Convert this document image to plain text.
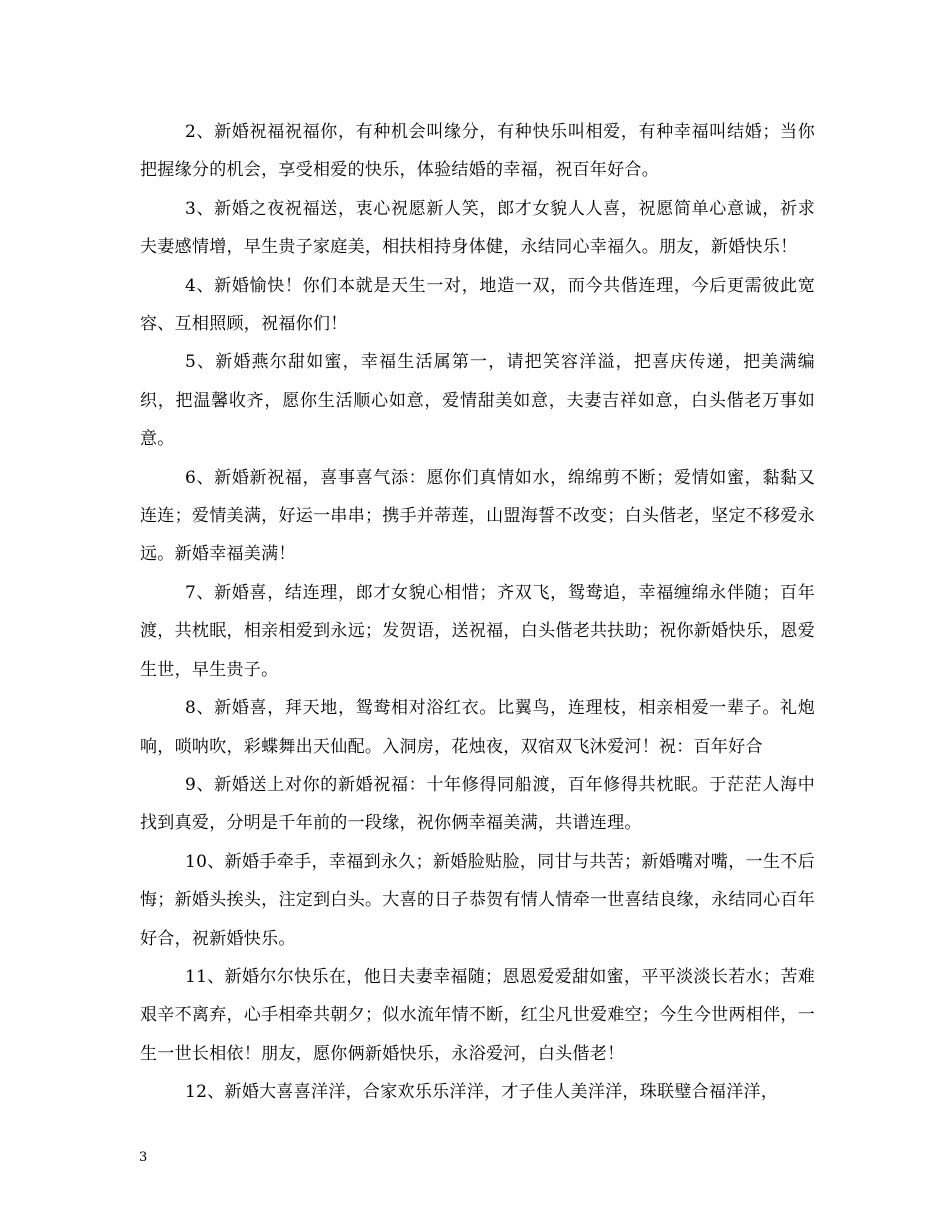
2、新婚祝福祝福你，有种机会叫缘分，有种快乐叫相爱，有种幸福叫结婚；当你把握缘分的机会，享受相爱的快乐，体验结婚的幸福，祝百年好合。

3、新婚之夜祝福送，衷心祝愿新人笑，郎才女貌人人喜，祝愿简单心意诚，祈求夫妻感情增，早生贵子家庭美，相扶相持身体健，永结同心幸福久。朋友，新婚快乐！

4、新婚愉快！你们本就是天生一对，地造一双，而今共偕连理，今后更需彼此宽容、互相照顾，祝福你们！

5、新婚燕尔甜如蜜，幸福生活属第一，请把笑容洋溢，把喜庆传递，把美满编织，把温馨收齐，愿你生活顺心如意，爱情甜美如意，夫妻吉祥如意，白头偕老万事如意。

6、新婚新祝福，喜事喜气添：愿你们真情如水，绵绵剪不断；爱情如蜜，黏黏又连连；爱情美满，好运一串串；携手并蒂莲，山盟海誓不改变；白头偕老，坚定不移爱永远。新婚幸福美满！

7、新婚喜，结连理，郎才女貌心相惜；齐双飞，鸳鸯追，幸福缠绵永伴随；百年渡，共枕眠，相亲相爱到永远；发贺语，送祝福，白头偕老共扶助；祝你新婚快乐，恩爱生世，早生贵子。

8、新婚喜，拜天地，鸳鸯相对浴红衣。比翼鸟，连理枝，相亲相爱一辈子。礼炮响，唢呐吹，彩蝶舞出天仙配。入洞房，花烛夜，双宿双飞沐爱河！祝：百年好合

9、新婚送上对你的新婚祝福：十年修得同船渡，百年修得共枕眠。于茫茫人海中找到真爱，分明是千年前的一段缘，祝你俩幸福美满，共谱连理。

10、新婚手牵手，幸福到永久；新婚脸贴脸，同甘与共苦；新婚嘴对嘴，一生不后悔；新婚头挨头，注定到白头。大喜的日子恭贺有情人情牵一世喜结良缘，永结同心百年好合，祝新婚快乐。

11、新婚尔尔快乐在，他日夫妻幸福随；恩恩爱爱甜如蜜，平平淡淡长若水；苦难艰辛不离弃，心手相牵共朝夕；似水流年情不断，红尘凡世爱难空；今生今世两相伴，一生一世长相依！朋友，愿你俩新婚快乐，永浴爱河，白头偕老！

12、新婚大喜喜洋洋，合家欢乐乐洋洋，才子佳人美洋洋，珠联璧合福洋洋，

3
